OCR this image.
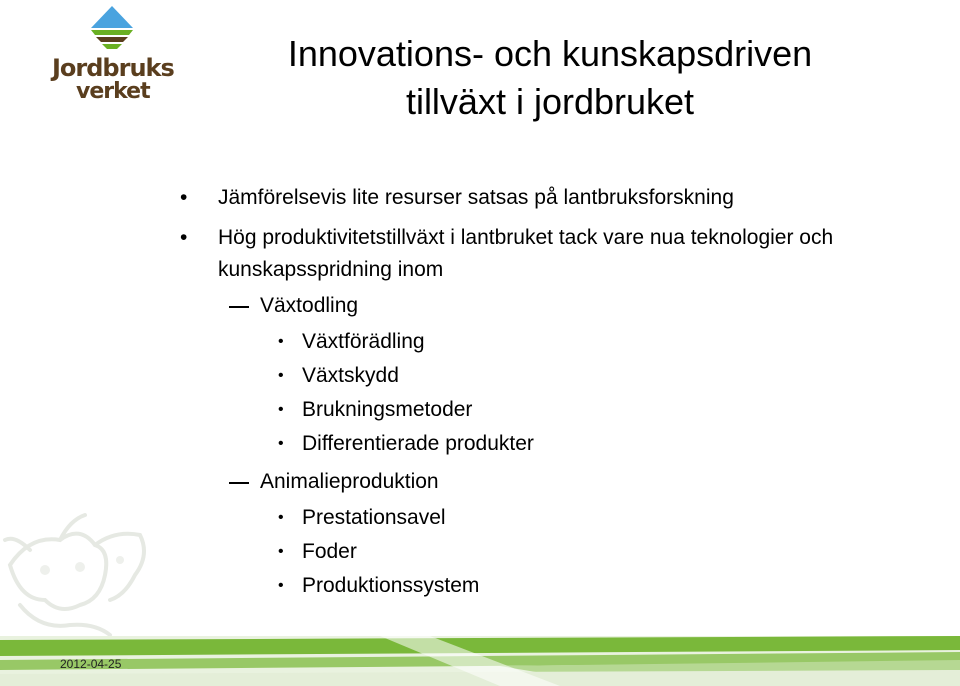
Jordbruks
verket
Innovations- och kunskapsdriven
tillväxt i jordbruket
• Jämförelsevis lite resurser satsas på lantbruksforskning
• Hög produktivitetstillväxt i lantbruket tack vare nua teknologier och kunskapsspridning inom
Växtodling
• Växtförädling
• Växtskydd
• Brukningsmetoder
• Differentierade produkter
Animalieproduktion
• Prestationsavel
• Foder
• Produktionssystem
2012-04-25
